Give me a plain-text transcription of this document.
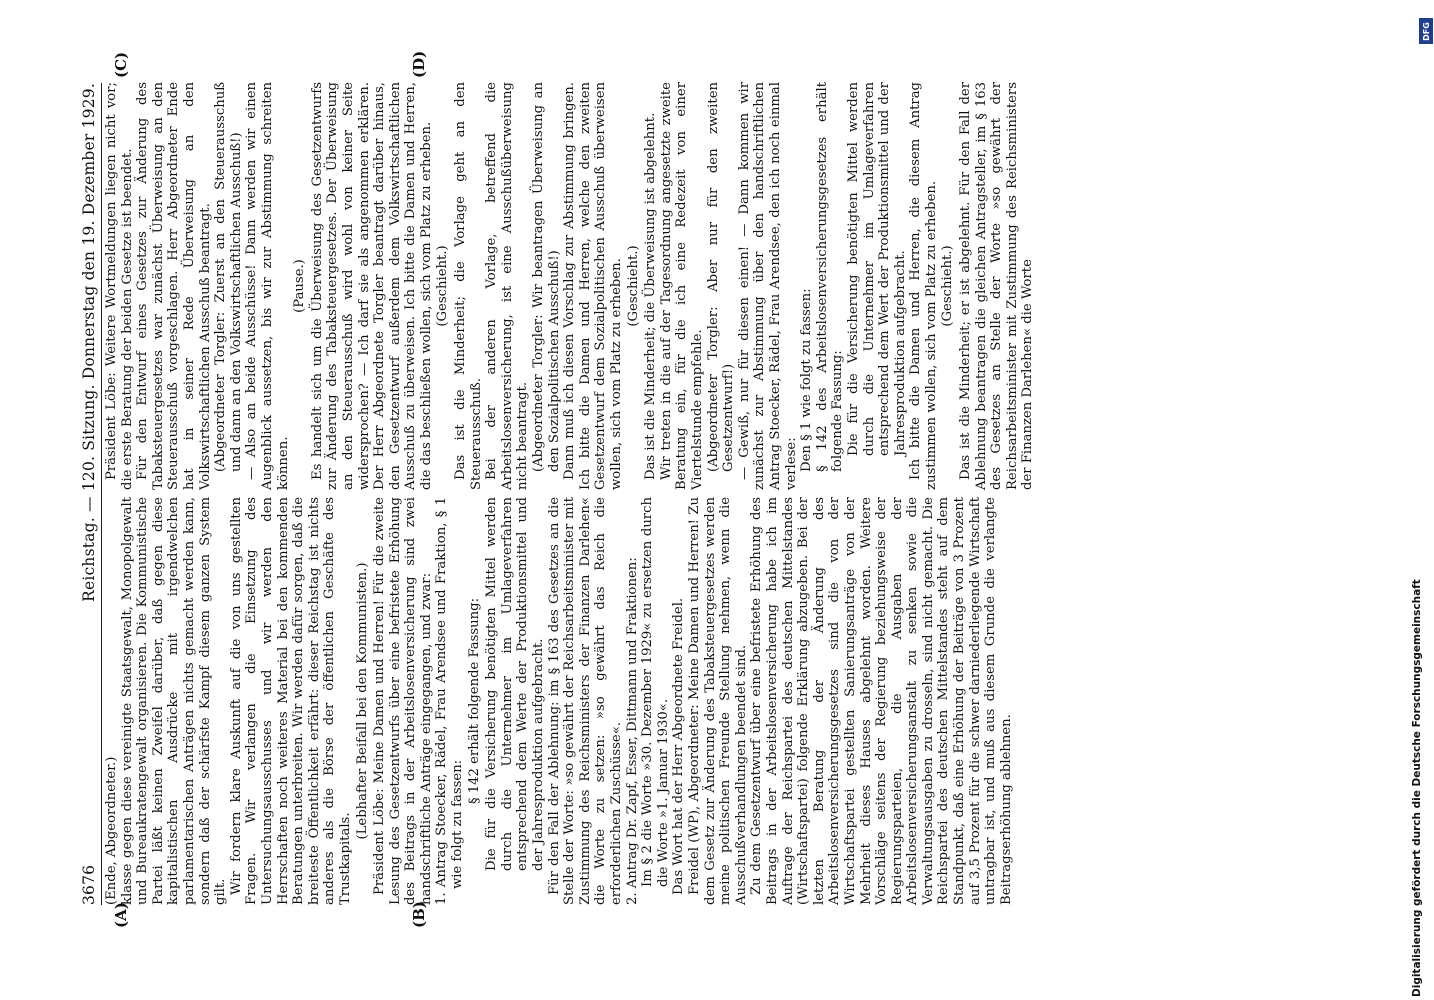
3676
Reichstag. — 120. Sitzung. Donnerstag den 19. Dezember 1929.
(A)	(B)
(C)	(D)

(Ende, Abgeordneter.) klasse gegen diese vereinigte Staatsgewalt, Monopolgewalt und Bureaukratengewalt organisieren. Die Kommunistische Partei läßt keinen Zweifel darüber, daß gegen diese kapitalistischen Ausdrücke mit irgendwelchen parlamentarischen Anträgen nichts gemacht werden kann, sondern daß der schärfste Kampf diesem ganzen System gilt. Wir fordern klare Auskunft auf die von uns gestellten Fragen. Wir verlangen die Einsetzung des Untersuchungsausschusses und wir werden den Herrschaften noch weiteres Material bei den kommenden Beratungen unterbreiten. Wir werden dafür sorgen, daß die breiteste Öffentlichkeit erfährt: dieser Reichstag ist nichts anderes als die Börse der öffentlichen Geschäfte des Trustkapitals.

(Lebhafter Beifall bei den Kommunisten.) Präsident Löbe: Meine Damen und Herren! Für die zweite Lesung des Gesetzentwurfs über eine befristete Erhöhung des Beitrags in der Arbeitslosenversicherung sind zwei handschriftliche Anträge eingegangen, und zwar: 1. Antrag Stoecker, Rädel, Frau Arendsee und Fraktion, § 1 wie folgt zu fassen:

§ 142 erhält folgende Fassung: Die für die Versicherung benötigten Mittel werden durch die Unternehmer im Umlageverfahren entsprechend dem Werte der Produktionsmittel und der Jahresproduktion aufgebracht. Für den Fall der Ablehnung: im § 163 des Gesetzes an die Stelle der Worte: »so gewährt der Reichsarbeitsminister mit Zustimmung des Reichsministers der Finanzen Darlehen« die Worte zu setzen: »so gewährt das Reich die erforderlichen Zuschüsse«. 2. Antrag Dr. Zapf, Esser, Dittmann und Fraktionen: Im § 2 die Worte »30. Dezember 1929« zu ersetzen durch die Worte »1. Januar 1930«. Das Wort hat der Herr Abgeordnete Freidel. Freidel (WP), Abgeordneter: Meine Damen und Herren! Zu dem Gesetz zur Änderung des Tabaksteuergesetzes werden meine politischen Freunde Stellung nehmen, wenn die Ausschußverhandlungen beendet sind. Zu dem Gesetzentwurf über eine befristete Erhöhung des Beitrags in der Arbeitslosenversicherung habe ich im Auftrage der Reichspartei des deutschen Mittelstandes (Wirtschaftspartei) folgende Erklärung abzugeben. Bei der letzten Beratung der Änderung des Arbeitslosenversicherungsgesetzes sind die von der Wirtschaftspartei gestellten Sanierungsanträge von der Mehrheit dieses Hauses abgelehnt worden. Weitere Vorschläge seitens der Regierung beziehungsweise der Regierungsparteien, die Ausgaben der Arbeitslosenversicherungsanstalt zu senken sowie die Verwaltungsausgaben zu drosseln, sind nicht gemacht. Die Reichspartei des deutschen Mittelstandes steht auf dem Standpunkt, daß eine Erhöhung der Beiträge von 3 Prozent auf 3,5 Prozent für die schwer darniederliegende Wirtschaft untragbar ist, und muß aus diesem Grunde die verlangte Beitragserhöhung ablehnen.

Präsident Löbe: Weitere Wortmeldungen liegen nicht vor; die erste Beratung der beiden Gesetze ist beendet. Für den Entwurf eines Gesetzes zur Änderung des Tabaksteuergesetzes war zunächst Überweisung an den Steuerausschuß vorgeschlagen. Herr Abgeordneter Ende hat in seiner Rede Überweisung an den Volkswirtschaftlichen Ausschuß beantragt. (Abgeordneter Torgler: Zuerst an den Steuerausschuß und dann an den Volkswirtschaftlichen Ausschuß!) — Also an beide Ausschüsse! Dann werden wir einen Augenblick aussetzen, bis wir zur Abstimmung schreiten können.

(Pause.) Es handelt sich um die Überweisung des Gesetzentwurfs zur Änderung des Tabaksteuergesetzes. Der Überweisung an den Steuerausschuß wird wohl von keiner Seite widersprochen? — Ich darf sie als angenommen erklären. Der Herr Abgeordnete Torgler beantragt darüber hinaus, den Gesetzentwurf außerdem dem Volkswirtschaftlichen Ausschuß zu überweisen. Ich bitte die Damen und Herren, die das beschließen wollen, sich vom Platz zu erheben. (Geschieht.) Das ist die Minderheit; die Vorlage geht an den Steuerausschuß. Bei der anderen Vorlage, betreffend die Arbeitslosenversicherung, ist eine Ausschußüberweisung nicht beantragt. (Abgeordneter Torgler: Wir beantragen Überweisung an den Sozialpolitischen Ausschuß!) Dann muß ich diesen Vorschlag zur Abstimmung bringen. Ich bitte die Damen und Herren, welche den zweiten Gesetzentwurf dem Sozialpolitischen Ausschuß überweisen wollen, sich vom Platz zu erheben. (Geschieht.) Das ist die Minderheit; die Überweisung ist abgelehnt. Wir treten in die auf der Tagesordnung angesetzte zweite Beratung ein, für die ich eine Redezeit von einer Viertelstunde empfehle. (Abgeordneter Torgler: Aber nur für den zweiten Gesetzentwurf!) — Gewiß, nur für diesen einen! — Dann kommen wir zunächst zur Abstimmung über den handschriftlichen Antrag Stoecker, Rädel, Frau Arendsee, den ich noch einmal verlese: Den § 1 wie folgt zu fassen: § 142 des Arbeitslosenversicherungsgesetzes erhält folgende Fassung: Die für die Versicherung benötigten Mittel werden durch die Unternehmer im Umlageverfahren entsprechend dem Wert der Produktionsmittel und der Jahresproduktion aufgebracht. Ich bitte die Damen und Herren, die diesem Antrag zustimmen wollen, sich vom Platz zu erheben. (Geschieht.) Das ist die Minderheit; er ist abgelehnt. Für den Fall der Ablehnung beantragen die gleichen Antragsteller, im § 163 des Gesetzes an Stelle der Worte »so gewährt der Reichsarbeitsminister mit Zustimmung des Reichsministers der Finanzen Darlehen« die Worte

DFG
Digitalisierung gefördert durch die Deutsche Forschungsgemeinschaft
